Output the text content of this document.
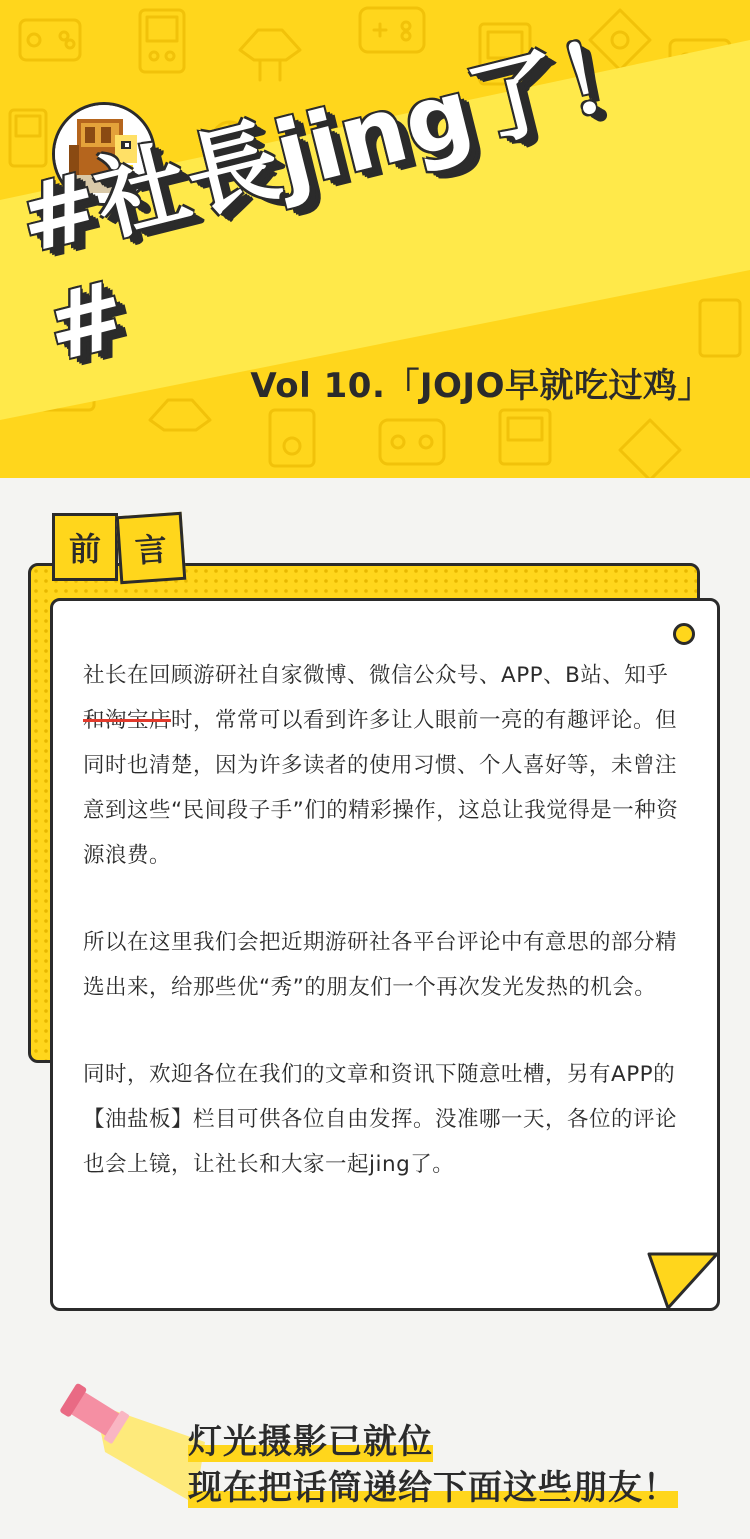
#社長jing了！#
Vol 10.「JOJO早就吃过鸡」
前	言

社长在回顾游研社自家微博、微信公众号、APP、B站、知乎和淘宝店时，常常可以看到许多让人眼前一亮的有趣评论。但同时也清楚，因为许多读者的使用习惯、个人喜好等，未曾注意到这些“民间段子手”们的精彩操作，这总让我觉得是一种资源浪费。

所以在这里我们会把近期游研社各平台评论中有意思的部分精选出来，给那些优“秀”的朋友们一个再次发光发热的机会。

同时，欢迎各位在我们的文章和资讯下随意吐槽，另有APP的【油盐板】栏目可供各位自由发挥。没准哪一天，各位的评论也会上镜，让社长和大家一起jing了。

灯光摄影已就位
现在把话筒递给下面这些朋友！
